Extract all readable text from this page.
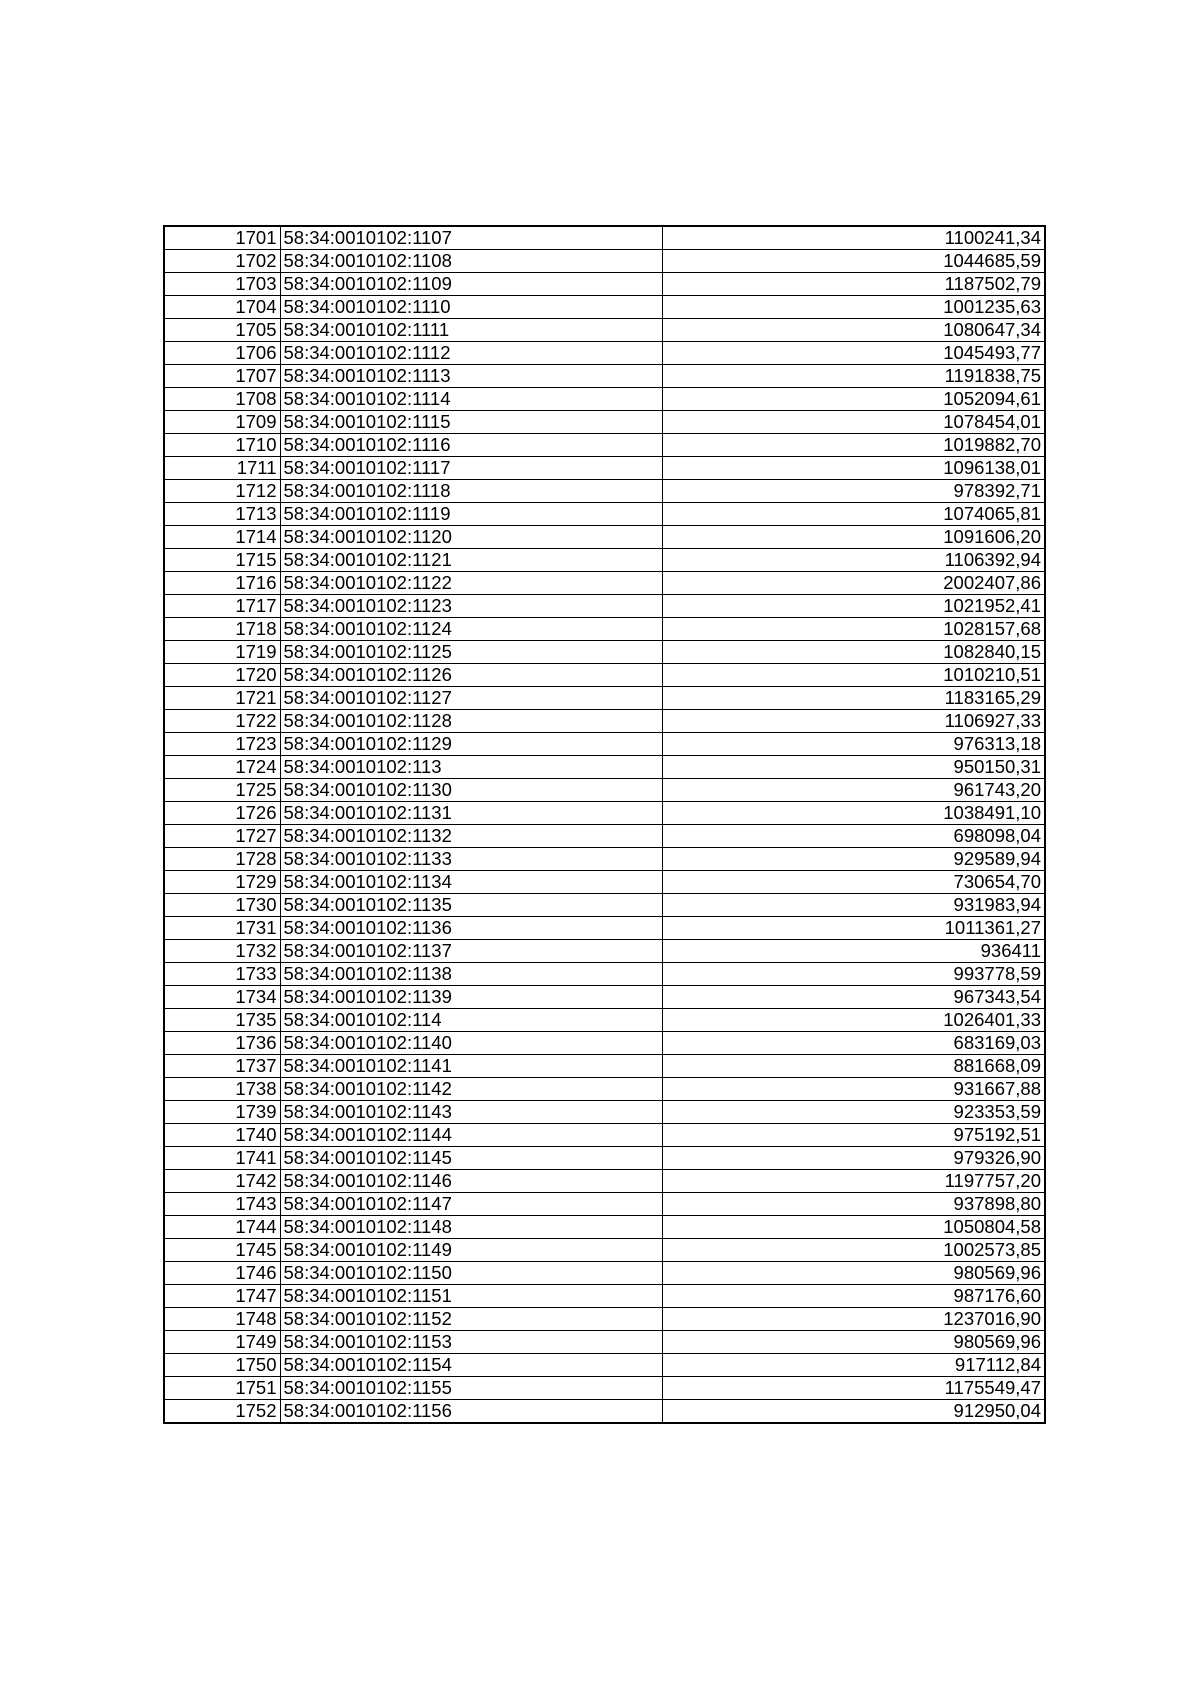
1701	58:34:0010102:1107	1100241,34
1702	58:34:0010102:1108	1044685,59
1703	58:34:0010102:1109	1187502,79
1704	58:34:0010102:1110	1001235,63
1705	58:34:0010102:1111	1080647,34
1706	58:34:0010102:1112	1045493,77
1707	58:34:0010102:1113	1191838,75
1708	58:34:0010102:1114	1052094,61
1709	58:34:0010102:1115	1078454,01
1710	58:34:0010102:1116	1019882,70
1711	58:34:0010102:1117	1096138,01
1712	58:34:0010102:1118	978392,71
1713	58:34:0010102:1119	1074065,81
1714	58:34:0010102:1120	1091606,20
1715	58:34:0010102:1121	1106392,94
1716	58:34:0010102:1122	2002407,86
1717	58:34:0010102:1123	1021952,41
1718	58:34:0010102:1124	1028157,68
1719	58:34:0010102:1125	1082840,15
1720	58:34:0010102:1126	1010210,51
1721	58:34:0010102:1127	1183165,29
1722	58:34:0010102:1128	1106927,33
1723	58:34:0010102:1129	976313,18
1724	58:34:0010102:113	950150,31
1725	58:34:0010102:1130	961743,20
1726	58:34:0010102:1131	1038491,10
1727	58:34:0010102:1132	698098,04
1728	58:34:0010102:1133	929589,94
1729	58:34:0010102:1134	730654,70
1730	58:34:0010102:1135	931983,94
1731	58:34:0010102:1136	1011361,27
1732	58:34:0010102:1137	936411
1733	58:34:0010102:1138	993778,59
1734	58:34:0010102:1139	967343,54
1735	58:34:0010102:114	1026401,33
1736	58:34:0010102:1140	683169,03
1737	58:34:0010102:1141	881668,09
1738	58:34:0010102:1142	931667,88
1739	58:34:0010102:1143	923353,59
1740	58:34:0010102:1144	975192,51
1741	58:34:0010102:1145	979326,90
1742	58:34:0010102:1146	1197757,20
1743	58:34:0010102:1147	937898,80
1744	58:34:0010102:1148	1050804,58
1745	58:34:0010102:1149	1002573,85
1746	58:34:0010102:1150	980569,96
1747	58:34:0010102:1151	987176,60
1748	58:34:0010102:1152	1237016,90
1749	58:34:0010102:1153	980569,96
1750	58:34:0010102:1154	917112,84
1751	58:34:0010102:1155	1175549,47
1752	58:34:0010102:1156	912950,04
